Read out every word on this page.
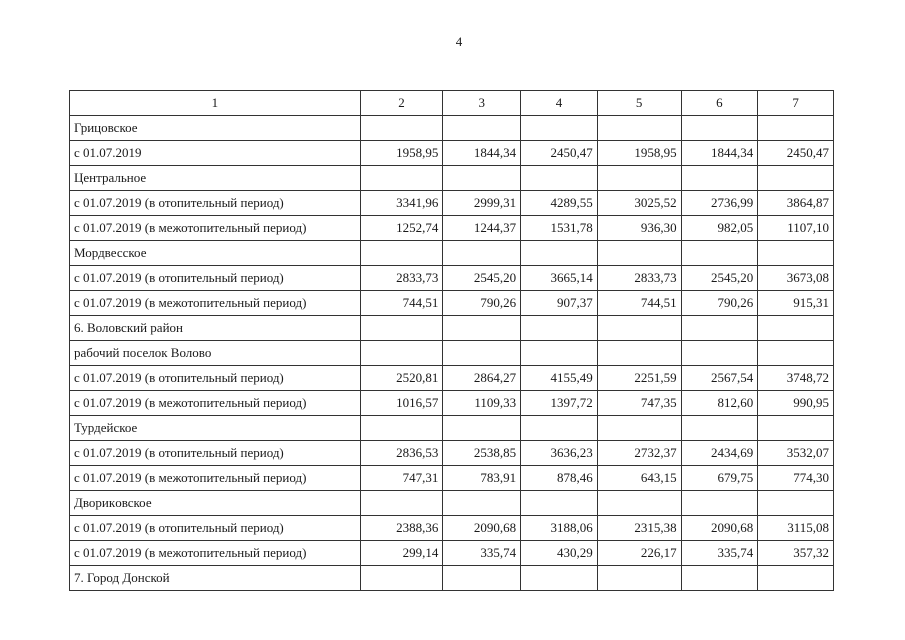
4
1	2	3	4	5	6	7
Грицовское						
с 01.07.2019	1958,95	1844,34	2450,47	1958,95	1844,34	2450,47
Центральное						
с 01.07.2019 (в отопительный период)	3341,96	2999,31	4289,55	3025,52	2736,99	3864,87
с 01.07.2019 (в межотопительный период)	1252,74	1244,37	1531,78	936,30	982,05	1107,10
Мордвесское						
с 01.07.2019 (в отопительный период)	2833,73	2545,20	3665,14	2833,73	2545,20	3673,08
с 01.07.2019 (в межотопительный период)	744,51	790,26	907,37	744,51	790,26	915,31
6. Воловский район						
рабочий поселок Волово						
с 01.07.2019 (в отопительный период)	2520,81	2864,27	4155,49	2251,59	2567,54	3748,72
с 01.07.2019 (в межотопительный период)	1016,57	1109,33	1397,72	747,35	812,60	990,95
Турдейское						
с 01.07.2019 (в отопительный период)	2836,53	2538,85	3636,23	2732,37	2434,69	3532,07
с 01.07.2019 (в межотопительный период)	747,31	783,91	878,46	643,15	679,75	774,30
Дворикoвское						
с 01.07.2019 (в отопительный период)	2388,36	2090,68	3188,06	2315,38	2090,68	3115,08
с 01.07.2019 (в межотопительный период)	299,14	335,74	430,29	226,17	335,74	357,32
7. Город Донской						
